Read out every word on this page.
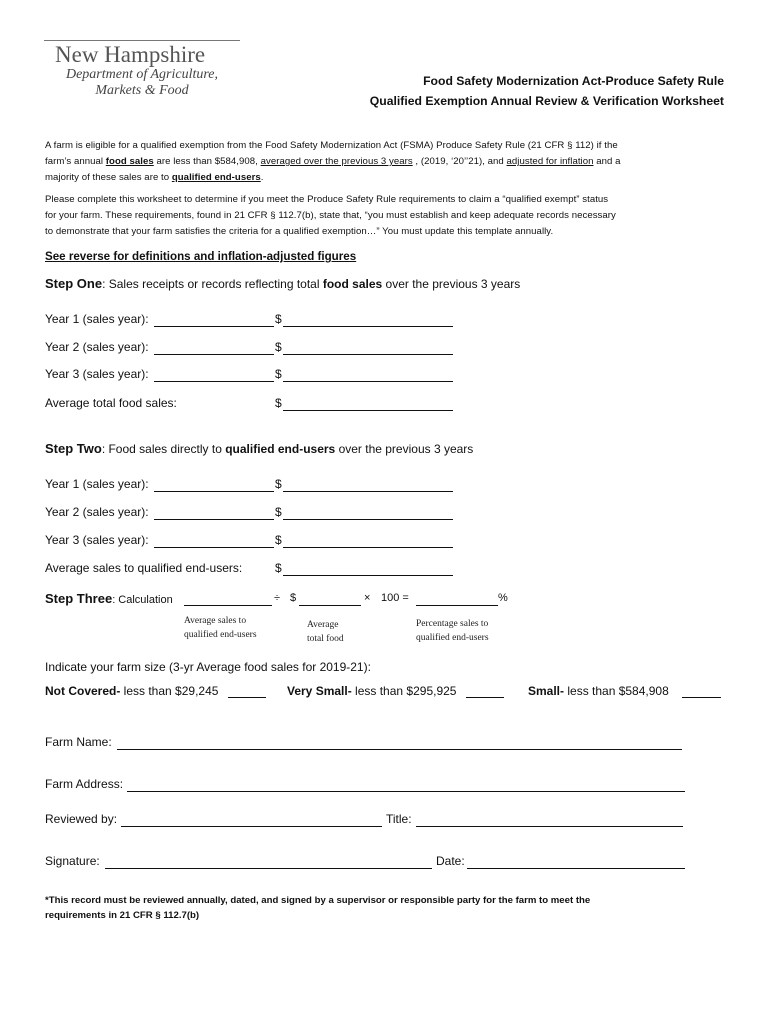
New Hampshire
Department of Agriculture,
Markets & Food
Food Safety Modernization Act-Produce Safety Rule
Qualified Exemption Annual Review & Verification Worksheet
A farm is eligible for a qualified exemption from the Food Safety Modernization Act (FSMA) Produce Safety Rule (21 CFR § 112) if the
farm’s annual food sales are less than $584,908, averaged over the previous 3 years , (2019, ‘20’’21), and adjusted for inflation and a
majority of these sales are to qualified end-users.
Please complete this worksheet to determine if you meet the Produce Safety Rule requirements to claim a “qualified exempt” status
for your farm. These requirements, found in 21 CFR § 112.7(b), state that, “you must establish and keep adequate records necessary
to demonstrate that your farm satisfies the criteria for a qualified exemption…” You must update this template annually.
See reverse for definitions and inflation-adjusted figures
Step One: Sales receipts or records reflecting total food sales over the previous 3 years
Year 1 (sales year):	$
Year 2 (sales year):	$
Year 3 (sales year):	$
Average total food sales:	$
Step Two: Food sales directly to qualified end-users over the previous 3 years
Year 1 (sales year):	$
Year 2 (sales year):	$
Year 3 (sales year):	$
Average sales to qualified end-users:	$
Step Three: Calculation	÷ $	× 100 =	%
Average sales to
qualified end-users
Average
total food
Percentage sales to
qualified end-users
Indicate your farm size (3-yr Average food sales for 2019-21):
Not Covered- less than $29,245	Very Small- less than $295,925	Small- less than $584,908
Farm Name:
Farm Address:
Reviewed by:	Title:
Signature:	Date:
*This record must be reviewed annually, dated, and signed by a supervisor or responsible party for the farm to meet the
requirements in 21 CFR § 112.7(b)
